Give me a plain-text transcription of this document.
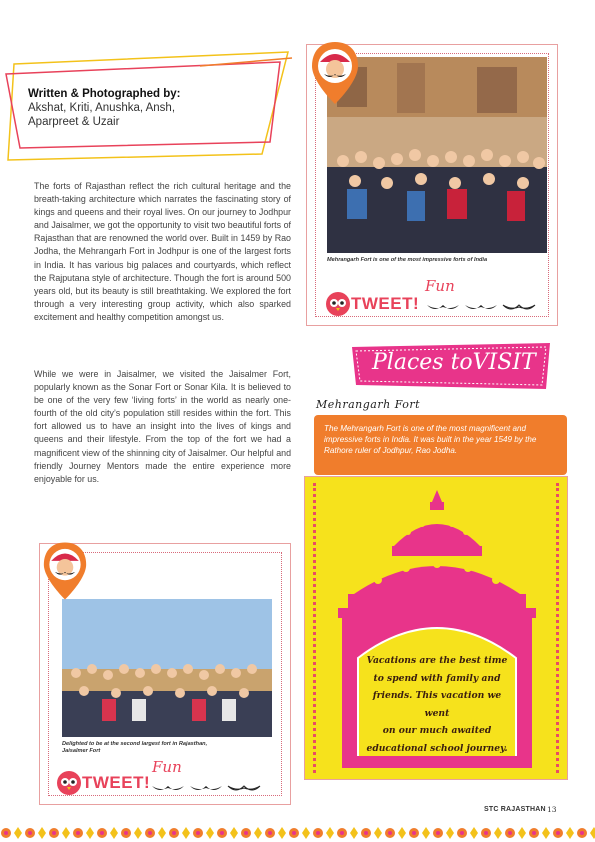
Written & Photographed by:
Akshat, Kriti, Anushka, Ansh,
Aparpreet & Uzair

The forts of Rajasthan reflect the rich cultural heritage and the breath-taking architecture which narrates the fascinating story of kings and queens and their royal lives. On our journey to Jodhpur and Jaisalmer, we got the opportunity to visit two beautiful forts of Rajasthan that are renowned the world over. Built in 1459 by Rao Jodha, the Mehrangarh Fort in Jodhpur is one of the largest forts in India. It has various big palaces and courtyards, which reflect the Rajputana style of architecture. Though the fort is around 500 years old, but its beauty is still breathtaking. We explored the fort through a very interesting group activity, which also sparked excitement and healthy competition amongst us.

While we were in Jaisalmer, we visited the Jaisalmer Fort, popularly known as the Sonar Fort or Sonar Kila. It is believed to be one of the very few ‘living forts’ in the world as nearly one-fourth of the old city’s population still resides within the fort. This fort allowed us to have an insight into the lives of kings and queens and their lifestyle. From the top of the fort we had a magnificent view of the shinning city of Jaisalmer. Our helpful and friendly Journey Mentors made the entire experience more enjoyable for us.

Mehrangarh Fort is one of the most impressive forts of India
TWEET!
Fun
Places toVISIT
Mehrangarh Fort
The Mehrangarh Fort is one of the most magnificent and impressive forts in India. It was built in the year 1549 by the Rathore ruler of Jodhpur, Rao Jodha.
Vacations are the best time
to spend with family and
friends. This vacation we went
on our much awaited
educational school journey.
Delighted to be at the second largest fort in Rajasthan,
Jaisalmer Fort
TWEET!
Fun
STC RAJASTHAN 13
